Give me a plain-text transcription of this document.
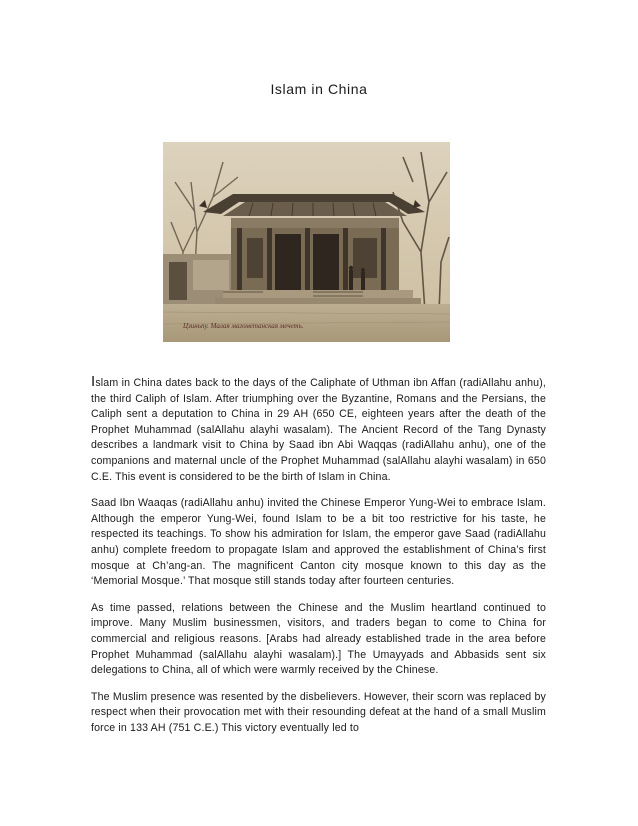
Islam in China
Цзиньпу. Малая магометанская мечеть.

Islam in China dates back to the days of the Caliphate of Uthman ibn Affan (radiAllahu anhu), the third Caliph of Islam. After triumphing over the Byzantine, Romans and the Persians, the Caliph sent a deputation to China in 29 AH (650 CE, eighteen years after the death of the Prophet Muhammad (salAllahu alayhi wasalam). The Ancient Record of the Tang Dynasty describes a landmark visit to China by Saad ibn Abi Waqqas (radiAllahu anhu), one of the companions and maternal uncle of the Prophet Muhammad (salAllahu alayhi wasalam) in 650 C.E. This event is considered to be the birth of Islam in China.

Saad Ibn Waaqas (radiAllahu anhu) invited the Chinese Emperor Yung-Wei to embrace Islam. Although the emperor Yung-Wei, found Islam to be a bit too restrictive for his taste, he respected its teachings. To show his admiration for Islam, the emperor gave Saad (radiAllahu anhu) complete freedom to propagate Islam and approved the establishment of China’s first mosque at Ch’ang-an. The magnificent Canton city mosque known to this day as the ‘Memorial Mosque.’ That mosque still stands today after fourteen centuries.

As time passed, relations between the Chinese and the Muslim heartland continued to improve. Many Muslim businessmen, visitors, and traders began to come to China for commercial and religious reasons. [Arabs had already established trade in the area before Prophet Muhammad (salAllahu alayhi wasalam).] The Umayyads and Abbasids sent six delegations to China, all of which were warmly received by the Chinese.

The Muslim presence was resented by the disbelievers. However, their scorn was replaced by respect when their provocation met with their resounding defeat at the hand of a small Muslim force in 133 AH (751 C.E.) This victory eventually led to
